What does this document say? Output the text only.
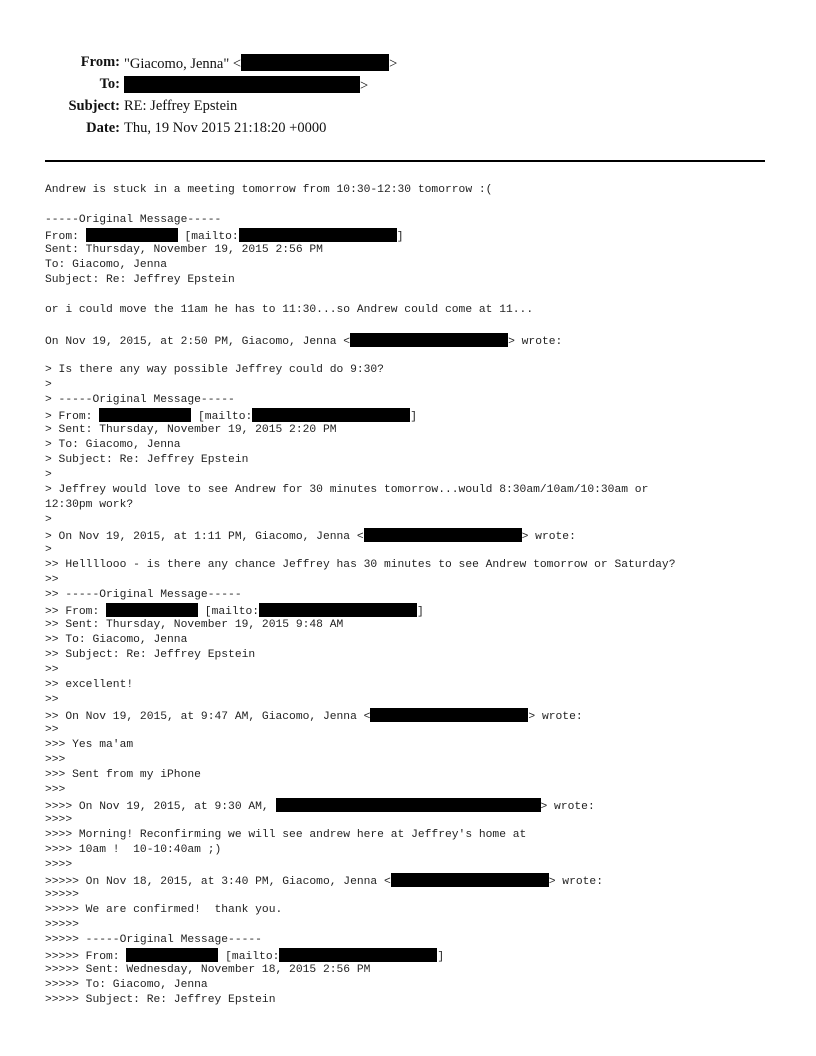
From: "Giacomo, Jenna" <	>
To:	>
Subject: RE: Jeffrey Epstein
Date: Thu, 19 Nov 2015 21:18:20 +0000
Andrew is stuck in a meeting tomorrow from 10:30-12:30 tomorrow :(
-----Original Message-----
From:	[mailto:	]
Sent: Thursday, November 19, 2015 2:56 PM
To: Giacomo, Jenna
Subject: Re: Jeffrey Epstein
or i could move the 11am he has to 11:30...so Andrew could come at 11...
On Nov 19, 2015, at 2:50 PM, Giacomo, Jenna <	> wrote:
> Is there any way possible Jeffrey could do 9:30?
>
> -----Original Message-----
> From:	[mailto:	]
> Sent: Thursday, November 19, 2015 2:20 PM
> To: Giacomo, Jenna
> Subject: Re: Jeffrey Epstein
>
> Jeffrey would love to see Andrew for 30 minutes tomorrow...would 8:30am/10am/10:30am or
12:30pm work?
>
> On Nov 19, 2015, at 1:11 PM, Giacomo, Jenna <	> wrote:
>
>> Hellllooo - is there any chance Jeffrey has 30 minutes to see Andrew tomorrow or Saturday?
>>
>> -----Original Message-----
>> From:	[mailto:	]
>> Sent: Thursday, November 19, 2015 9:48 AM
>> To: Giacomo, Jenna
>> Subject: Re: Jeffrey Epstein
>>
>> excellent!
>>
>> On Nov 19, 2015, at 9:47 AM, Giacomo, Jenna <	> wrote:
>>
>>> Yes ma'am
>>>
>>> Sent from my iPhone
>>>
>>>> On Nov 19, 2015, at 9:30 AM,	> wrote:
>>>>
>>>> Morning! Reconfirming we will see andrew here at Jeffrey's home at
>>>> 10am !  10-10:40am ;)
>>>>
>>>>> On Nov 18, 2015, at 3:40 PM, Giacomo, Jenna <	> wrote:
>>>>>
>>>>> We are confirmed!  thank you.
>>>>>
>>>>> -----Original Message-----
>>>>> From:	[mailto:	]
>>>>> Sent: Wednesday, November 18, 2015 2:56 PM
>>>>> To: Giacomo, Jenna
>>>>> Subject: Re: Jeffrey Epstein
